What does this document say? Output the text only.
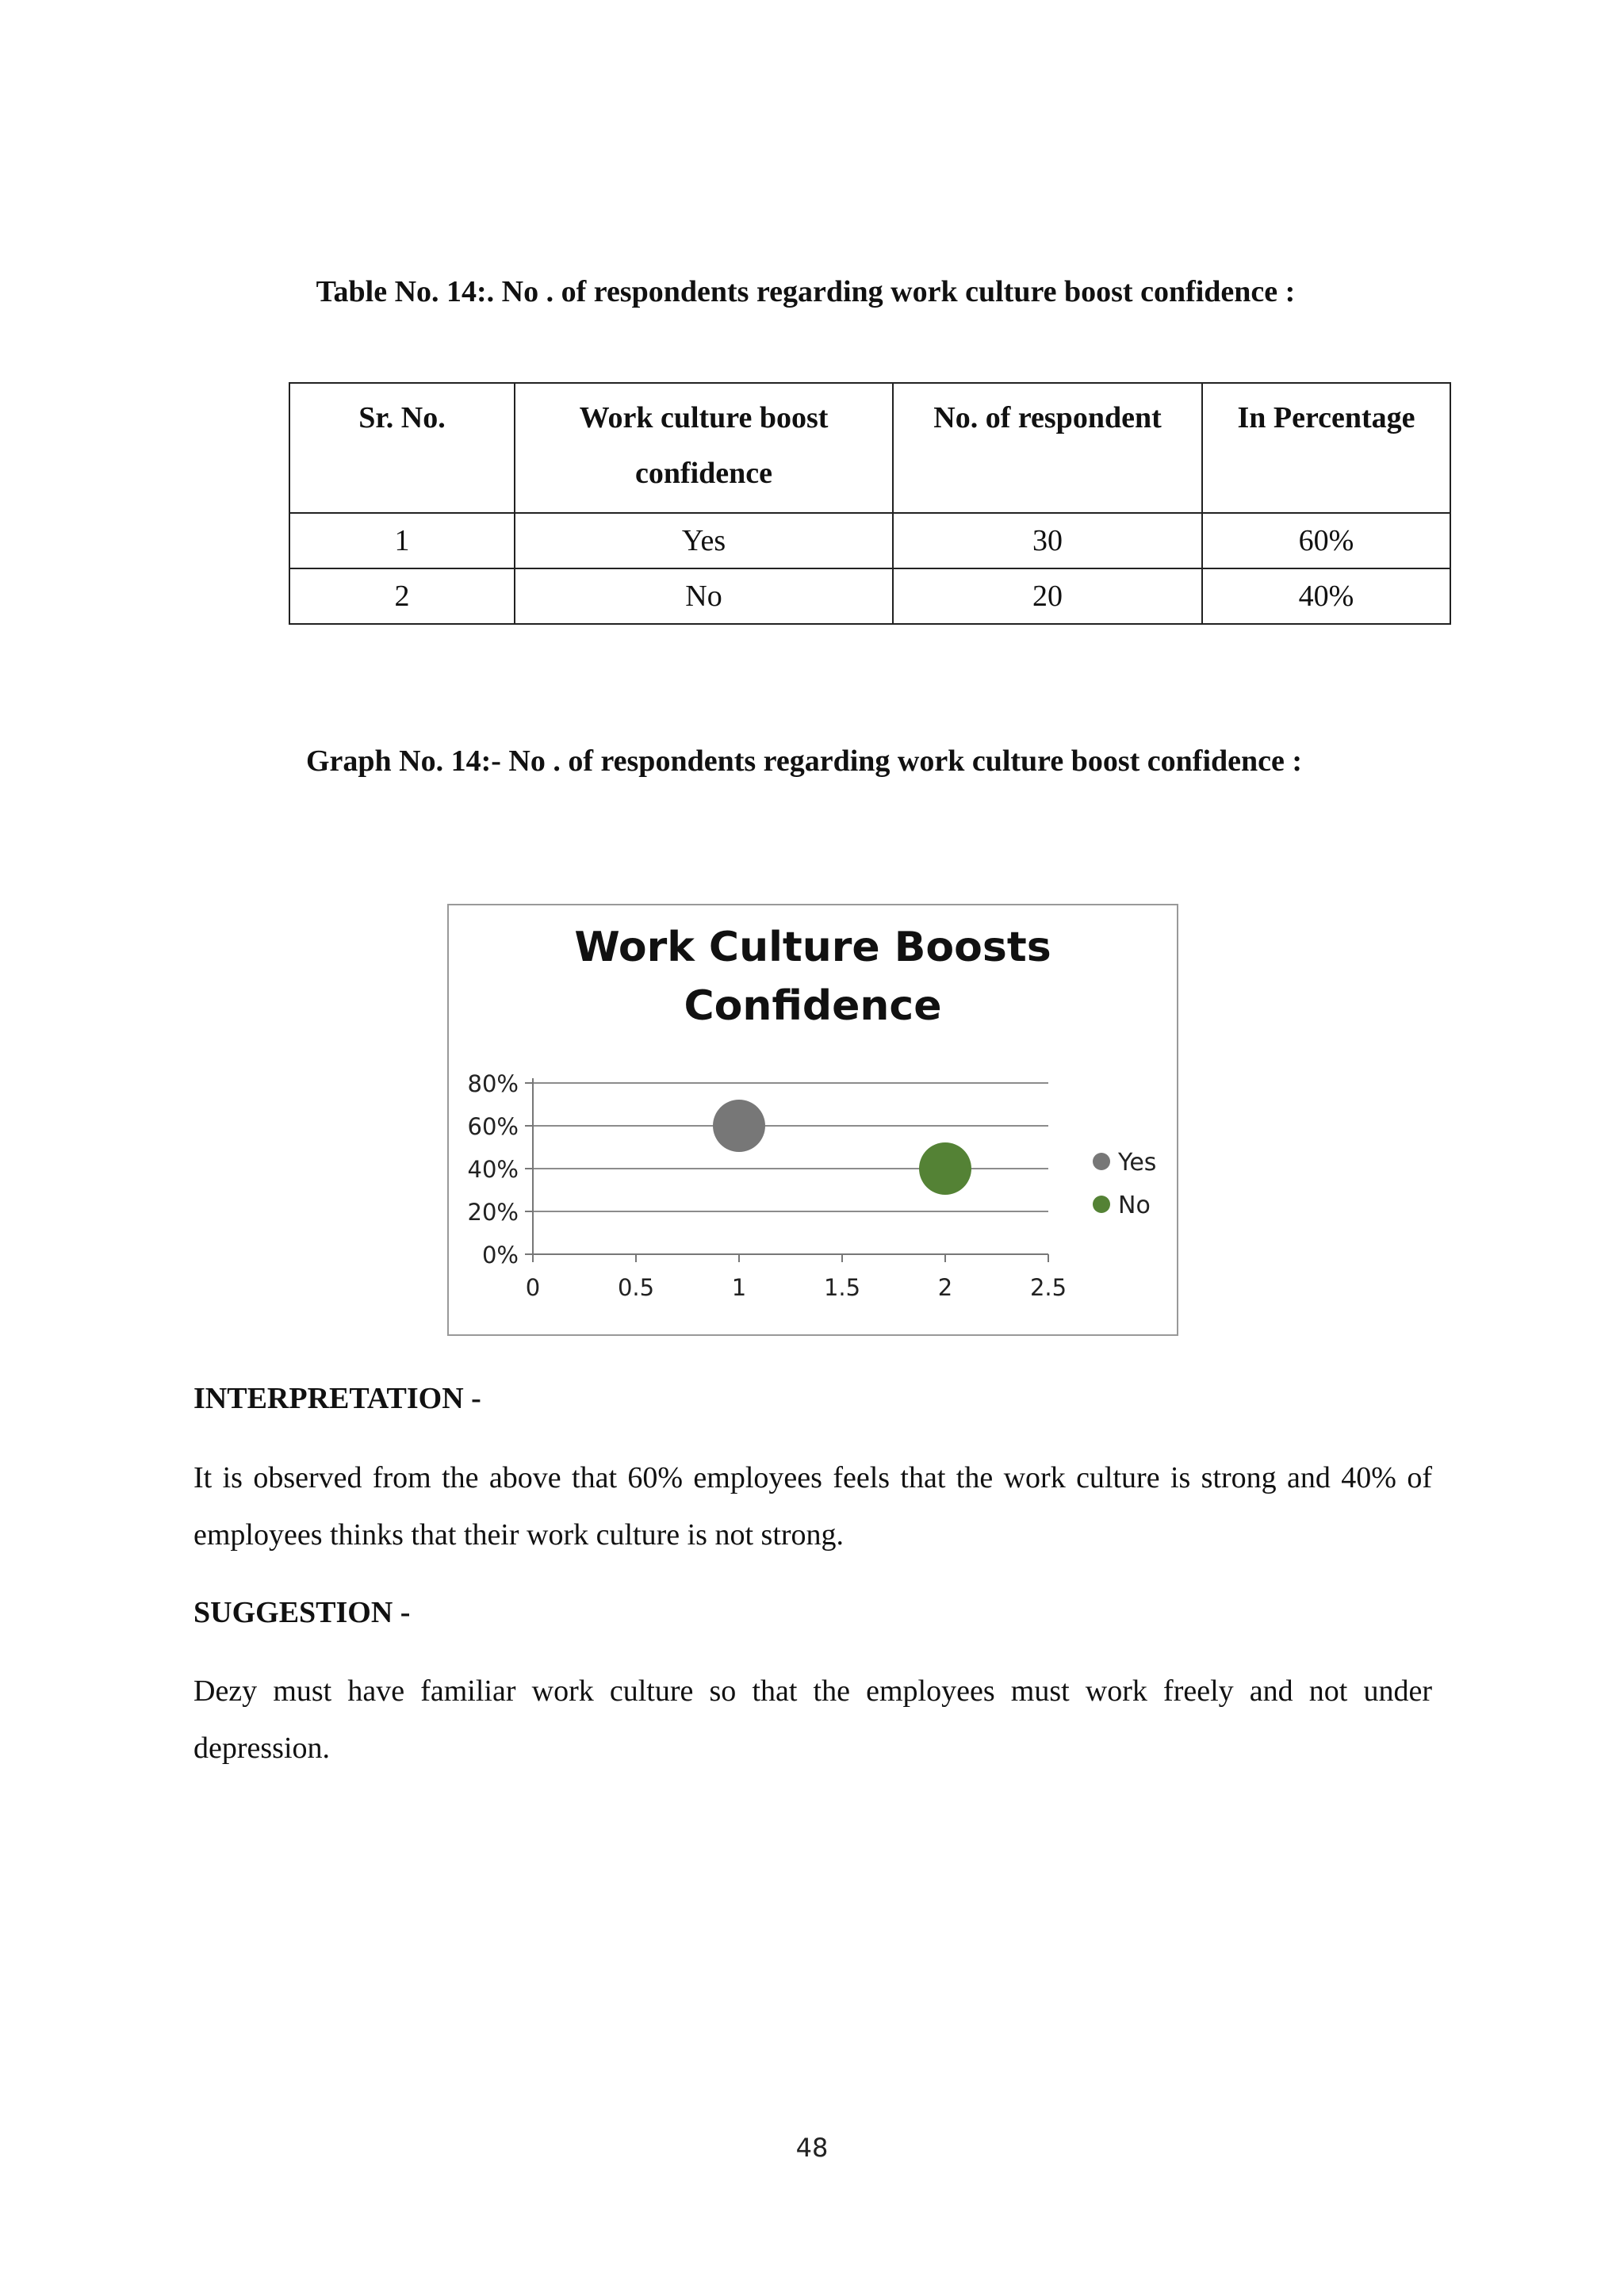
Table No. 14:. No . of respondents regarding work culture boost confidence :
Sr. No.	Work culture boost confidence	No. of respondent	In Percentage
1	Yes	30	60%
2	No	20	40%
Graph No. 14:- No . of respondents regarding work culture boost confidence :
0%
20%
40%
60%
80%
0	0.5	1	1.5	2	2.5
Yes
No
Work Culture Boosts Confidence
INTERPRETATION -
It is observed from the above that 60% employees feels that the work culture is strong and 40% of employees thinks that their work culture is not strong.
SUGGESTION -
Dezy must have familiar work culture so that the employees must work freely and not under depression.
48
